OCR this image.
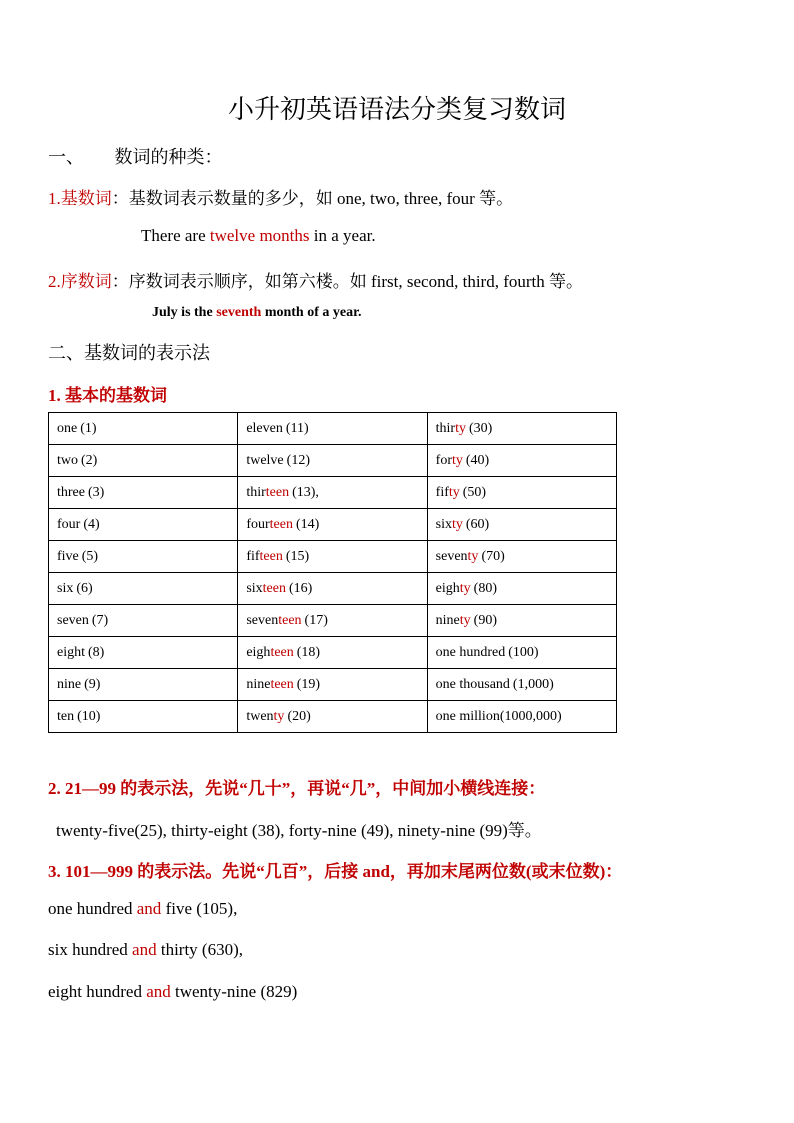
小升初英语语法分类复习数词
一、 数词的种类：
1.基数词：基数词表示数量的多少，如 one, two, three, four 等。
There are twelve months in a year.
2.序数词：序数词表示顺序，如第六楼。如 first, second, third, fourth 等。
July is the seventh month of a year.
二、基数词的表示法
1. 基本的基数词
one (1)	eleven (11)	thirty (30)
two (2)	twelve (12)	forty (40)
three (3)	thirteen (13),	fifty (50)
four (4)	fourteen (14)	sixty (60)
five (5)	fifteen (15)	seventy (70)
six (6)	sixteen (16)	eighty (80)
seven (7)	seventeen (17)	ninety (90)
eight (8)	eighteen (18)	one hundred (100)
nine (9)	nineteen (19)	one thousand (1,000)
ten (10)	twenty (20)	one million(1000,000)
2. 21—99 的表示法，先说“几十”，再说“几”，中间加小横线连接：
twenty-five(25), thirty-eight (38), forty-nine (49), ninety-nine (99)等。
3. 101—999 的表示法。先说“几百”，后接 and，再加末尾两位数(或末位数)：
one hundred and five (105),
six hundred and thirty (630),
eight hundred and twenty-nine (829)
